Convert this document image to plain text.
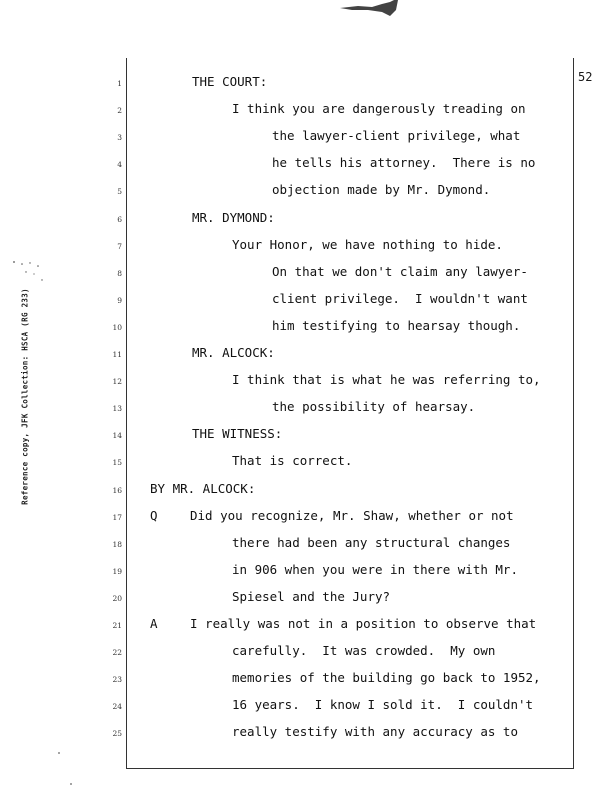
Reference copy, JFK Collection: HSCA (RG 233)
52
1	THE COURT:
2	I think you are dangerously treading on
3	the lawyer-client privilege, what
4	he tells his attorney.  There is no
5	objection made by Mr. Dymond.
6	MR. DYMOND:
7	Your Honor, we have nothing to hide.
8	On that we don't claim any lawyer-
9	client privilege.  I wouldn't want
10	him testifying to hearsay though.
11	MR. ALCOCK:
12	I think that is what he was referring to,
13	the possibility of hearsay.
14	THE WITNESS:
15	That is correct.
16 BY MR. ALCOCK:
17 Q	Did you recognize, Mr. Shaw, whether or not
18	there had been any structural changes
19	in 906 when you were in there with Mr.
20	Spiesel and the Jury?
21 A	I really was not in a position to observe that
22	carefully.  It was crowded.  My own
23	memories of the building go back to 1952,
24	16 years.  I know I sold it.  I couldn't
25	really testify with any accuracy as to
